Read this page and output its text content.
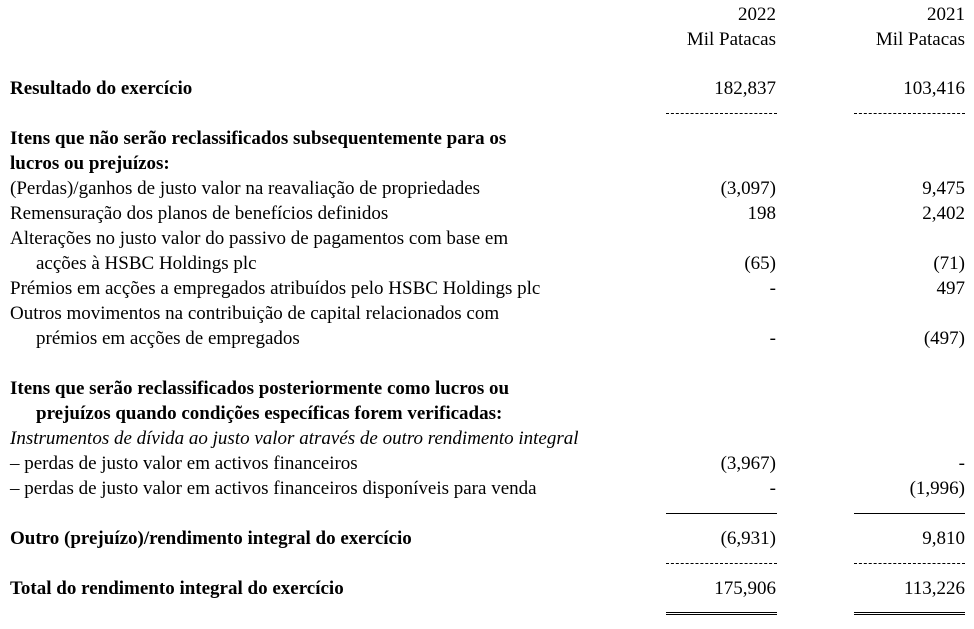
2022	2021
Mil Patacas	Mil Patacas
Resultado do exercício	182,837	103,416
Itens que não serão reclassificados subsequentemente para os
lucros ou prejuízos:
(Perdas)/ganhos de justo valor na reavaliação de propriedades	(3,097)	9,475
Remensuração dos planos de benefícios definidos	198	2,402
Alterações no justo valor do passivo de pagamentos com base em
acções à HSBC Holdings plc	(65)	(71)
Prémios em acções a empregados atribuídos pelo HSBC Holdings plc	-	497
Outros movimentos na contribuição de capital relacionados com
prémios em acções de empregados	-	(497)
Itens que serão reclassificados posteriormente como lucros ou
prejuízos quando condições específicas forem verificadas:
Instrumentos de dívida ao justo valor através de outro rendimento integral
– perdas de justo valor em activos financeiros	(3,967)	-
– perdas de justo valor em activos financeiros disponíveis para venda	-	(1,996)
Outro (prejuízo)/rendimento integral do exercício	(6,931)	9,810
Total do rendimento integral do exercício	175,906	113,226
